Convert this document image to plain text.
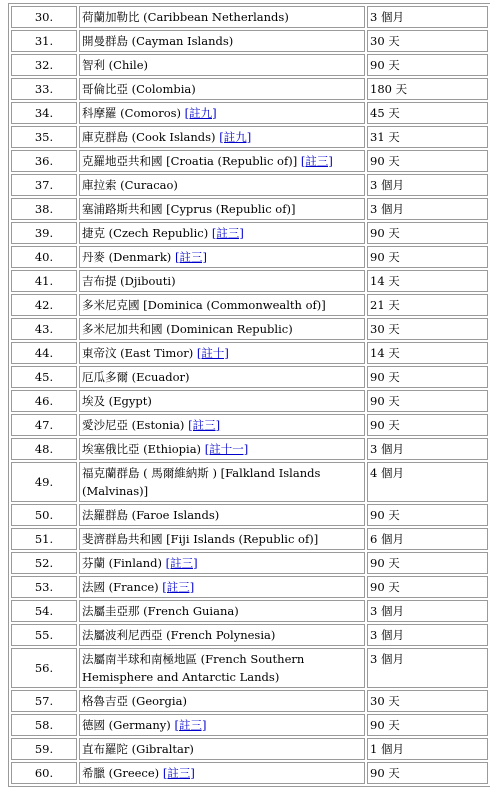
30.	荷蘭加勒比 (Caribbean Netherlands)	3 個月
31.	開曼群島 (Cayman Islands)	30 天
32.	智利 (Chile)	90 天
33.	哥倫比亞 (Colombia)	180 天
34.	科摩羅 (Comoros) [註九]	45 天
35.	庫克群島 (Cook Islands) [註九]	31 天
36.	克羅地亞共和國 [Croatia (Republic of)] [註三]	90 天
37.	庫拉索 (Curacao)	3 個月
38.	塞浦路斯共和國 [Cyprus (Republic of)]	3 個月
39.	捷克 (Czech Republic) [註三]	90 天
40.	丹麥 (Denmark) [註三]	90 天
41.	吉布提 (Djibouti)	14 天
42.	多米尼克國 [Dominica (Commonwealth of)]	21 天
43.	多米尼加共和國 (Dominican Republic)	30 天
44.	東帝汶 (East Timor) [註十]	14 天
45.	厄瓜多爾 (Ecuador)	90 天
46.	埃及 (Egypt)	90 天
47.	愛沙尼亞 (Estonia) [註三]	90 天
48.	埃塞俄比亞 (Ethiopia) [註十一]	3 個月
49.	福克蘭群島 ( 馬爾維納斯 ) [Falkland Islands (Malvinas)]	4 個月
50.	法羅群島 (Faroe Islands)	90 天
51.	斐濟群島共和國 [Fiji Islands (Republic of)]	6 個月
52.	芬蘭 (Finland) [註三]	90 天
53.	法國 (France) [註三]	90 天
54.	法屬圭亞那 (French Guiana)	3 個月
55.	法屬波利尼西亞 (French Polynesia)	3 個月
56.	法屬南半球和南極地區 (French Southern Hemisphere and Antarctic Lands)	3 個月
57.	格魯吉亞 (Georgia)	30 天
58.	德國 (Germany) [註三]	90 天
59.	直布羅陀 (Gibraltar)	1 個月
60.	希臘 (Greece) [註三]	90 天
